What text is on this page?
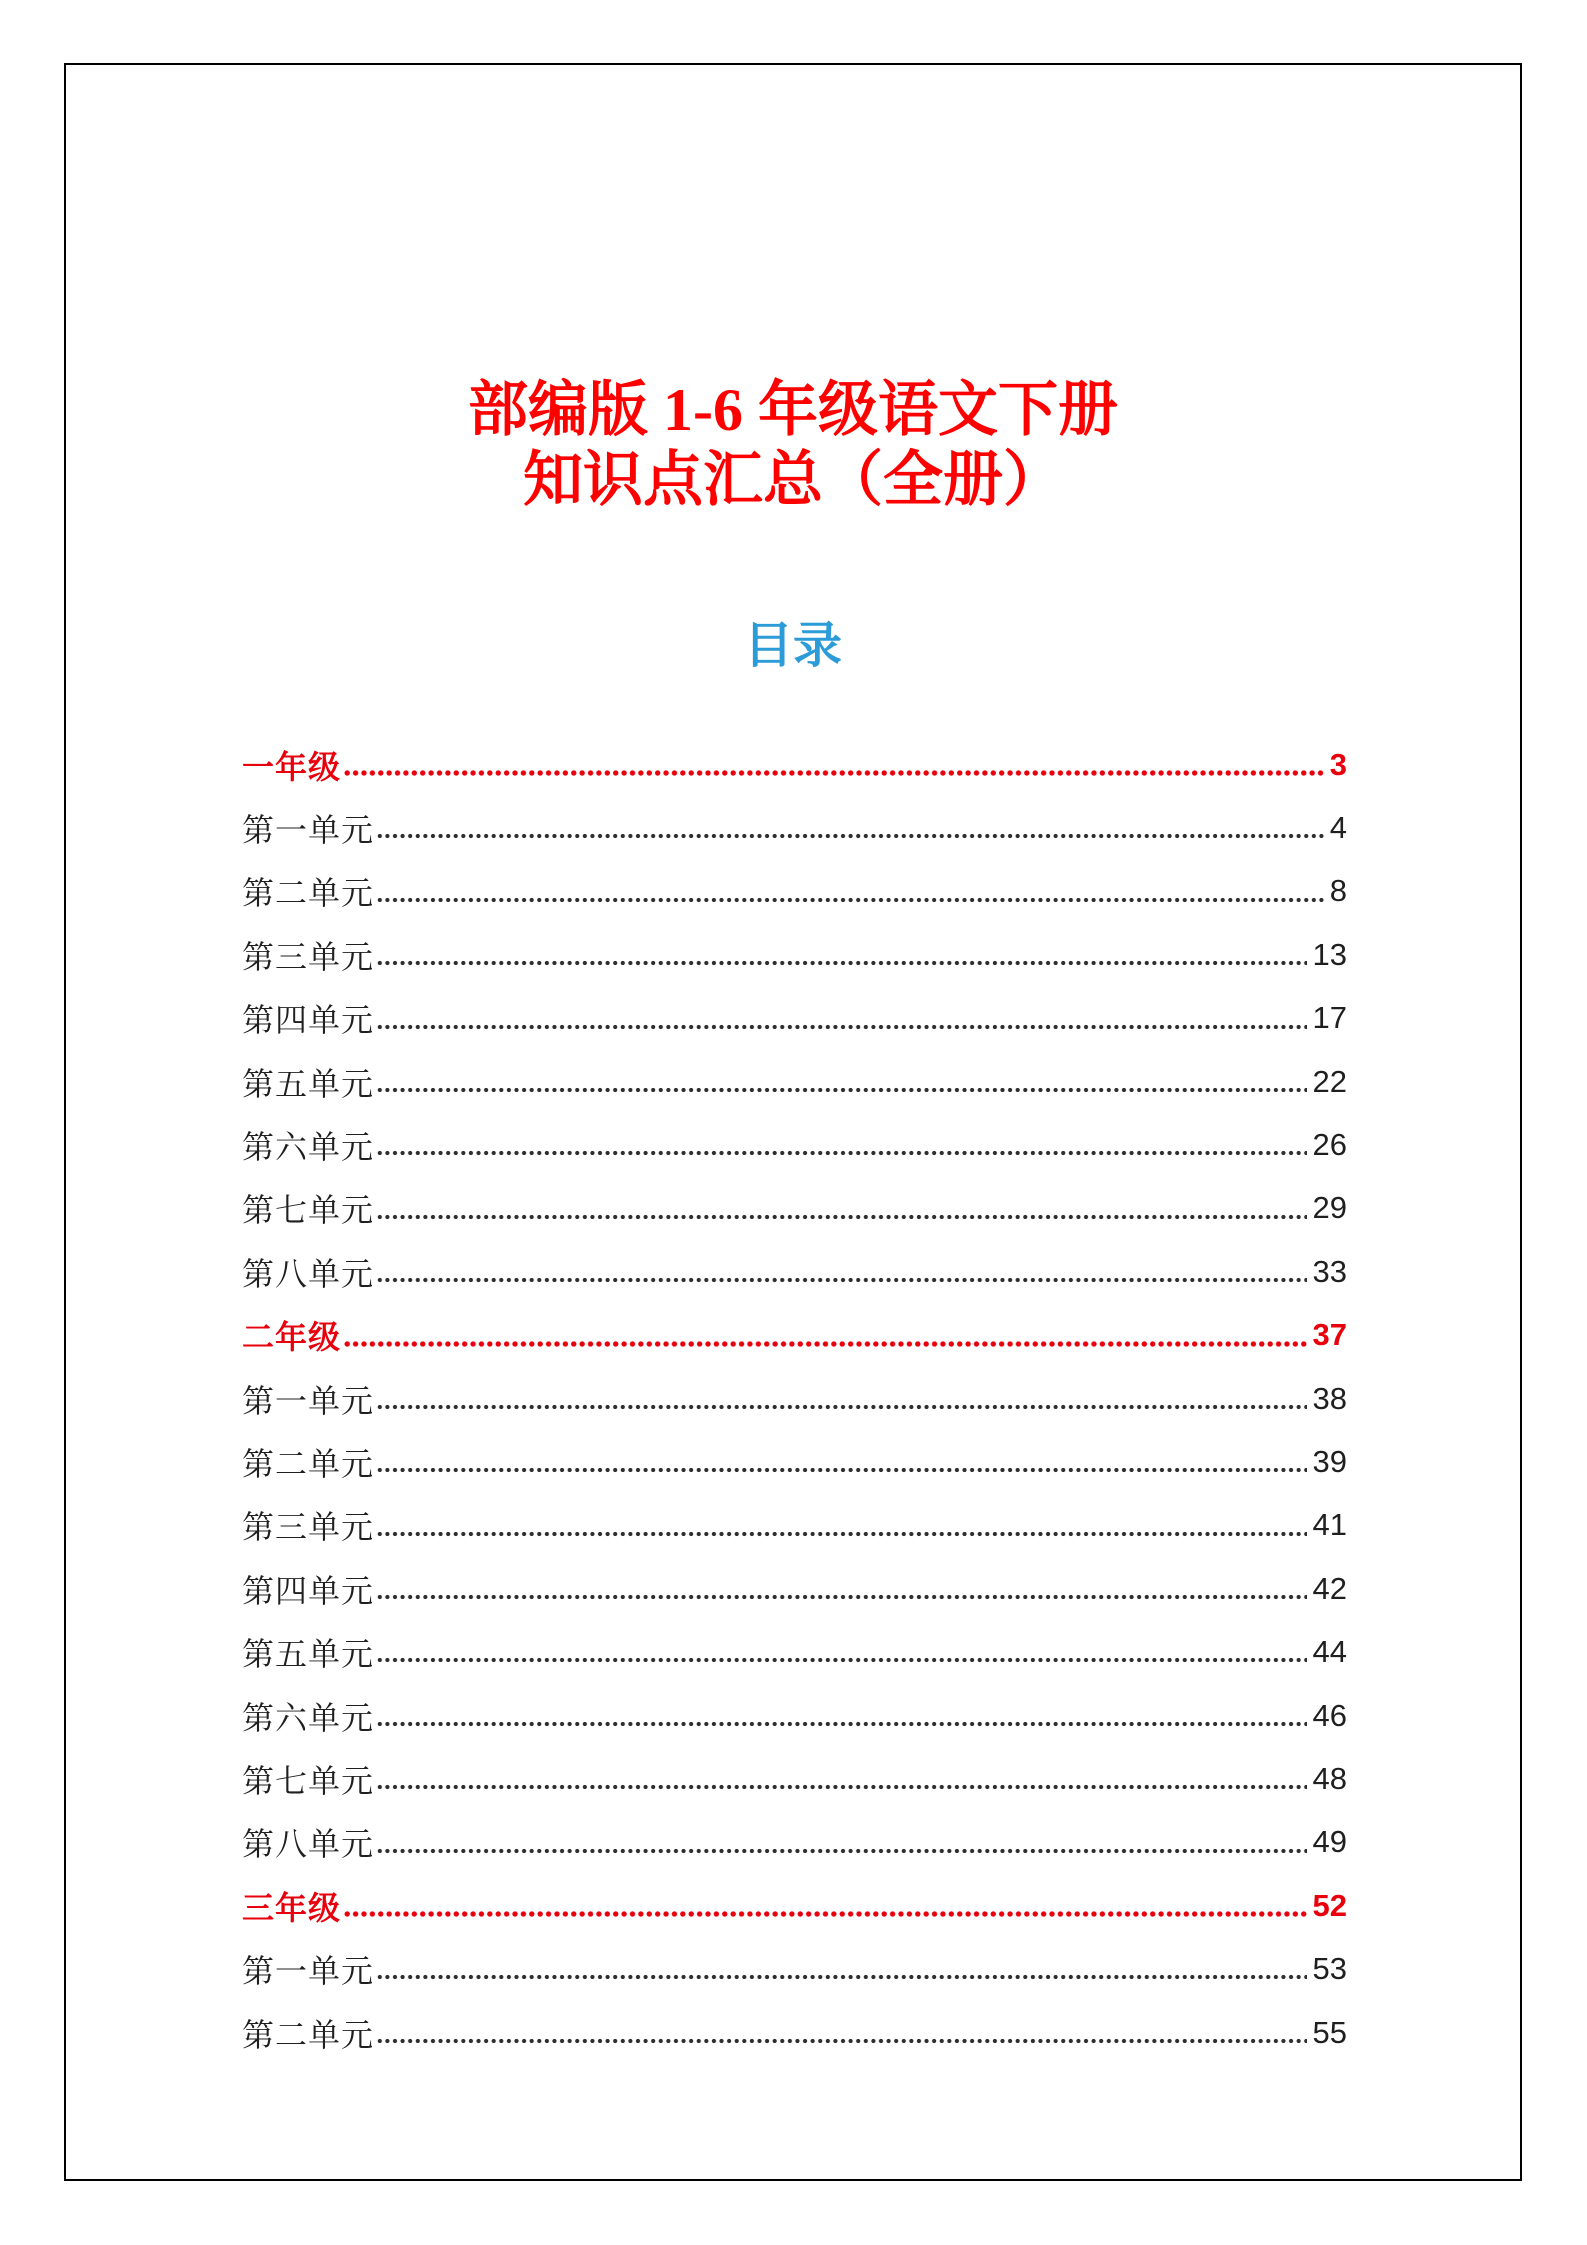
部编版 1-6 年级语文下册
知识点汇总（全册）
目录
一年级	3
第一单元	4
第二单元	8
第三单元	13
第四单元	17
第五单元	22
第六单元	26
第七单元	29
第八单元	33
二年级	37
第一单元	38
第二单元	39
第三单元	41
第四单元	42
第五单元	44
第六单元	46
第七单元	48
第八单元	49
三年级	52
第一单元	53
第二单元	55
